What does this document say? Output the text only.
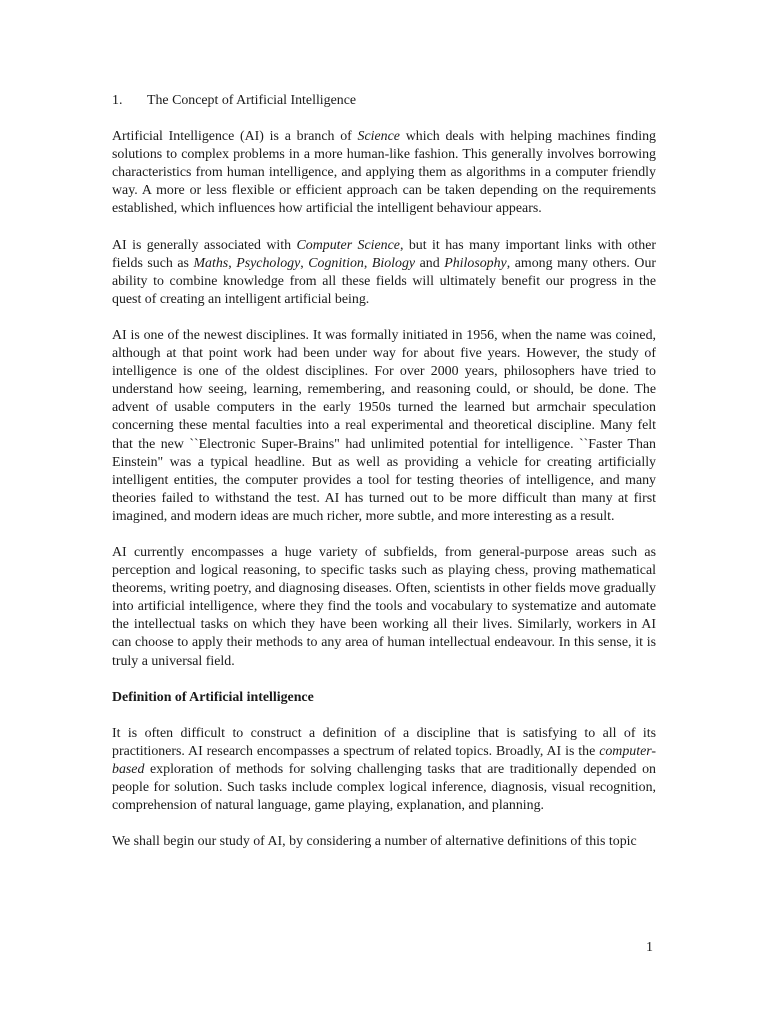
1.	The Concept of Artificial Intelligence

Artificial Intelligence (AI) is a branch of Science which deals with helping machines finding solutions to complex problems in a more human-like fashion. This generally involves borrowing characteristics from human intelligence, and applying them as algorithms in a computer friendly way. A more or less flexible or efficient approach can be taken depending on the requirements established, which influences how artificial the intelligent behaviour appears.

AI is generally associated with Computer Science, but it has many important links with other fields such as Maths, Psychology, Cognition, Biology and Philosophy, among many others. Our ability to combine knowledge from all these fields will ultimately benefit our progress in the quest of creating an intelligent artificial being.

AI is one of the newest disciplines. It was formally initiated in 1956, when the name was coined, although at that point work had been under way for about five years. However, the study of intelligence is one of the oldest disciplines. For over 2000 years, philosophers have tried to understand how seeing, learning, remembering, and reasoning could, or should, be done. The advent of usable computers in the early 1950s turned the learned but armchair speculation concerning these mental faculties into a real experimental and theoretical discipline. Many felt that the new ``Electronic Super-Brains" had unlimited potential for intelligence. ``Faster Than Einstein" was a typical headline. But as well as providing a vehicle for creating artificially intelligent entities, the computer provides a tool for testing theories of intelligence, and many theories failed to withstand the test. AI has turned out to be more difficult than many at first imagined, and modern ideas are much richer, more subtle, and more interesting as a result.

AI currently encompasses a huge variety of subfields, from general-purpose areas such as perception and logical reasoning, to specific tasks such as playing chess, proving mathematical theorems, writing poetry, and diagnosing diseases. Often, scientists in other fields move gradually into artificial intelligence, where they find the tools and vocabulary to systematize and automate the intellectual tasks on which they have been working all their lives. Similarly, workers in AI can choose to apply their methods to any area of human intellectual endeavour. In this sense, it is truly a universal field.

Definition of Artificial intelligence

It is often difficult to construct a definition of a discipline that is satisfying to all of its practitioners. AI research encompasses a spectrum of related topics. Broadly, AI is the computer-based exploration of methods for solving challenging tasks that are traditionally depended on people for solution. Such tasks include complex logical inference, diagnosis, visual recognition, comprehension of natural language, game playing, explanation, and planning.

We shall begin our study of AI, by considering a number of alternative definitions of this topic

1
